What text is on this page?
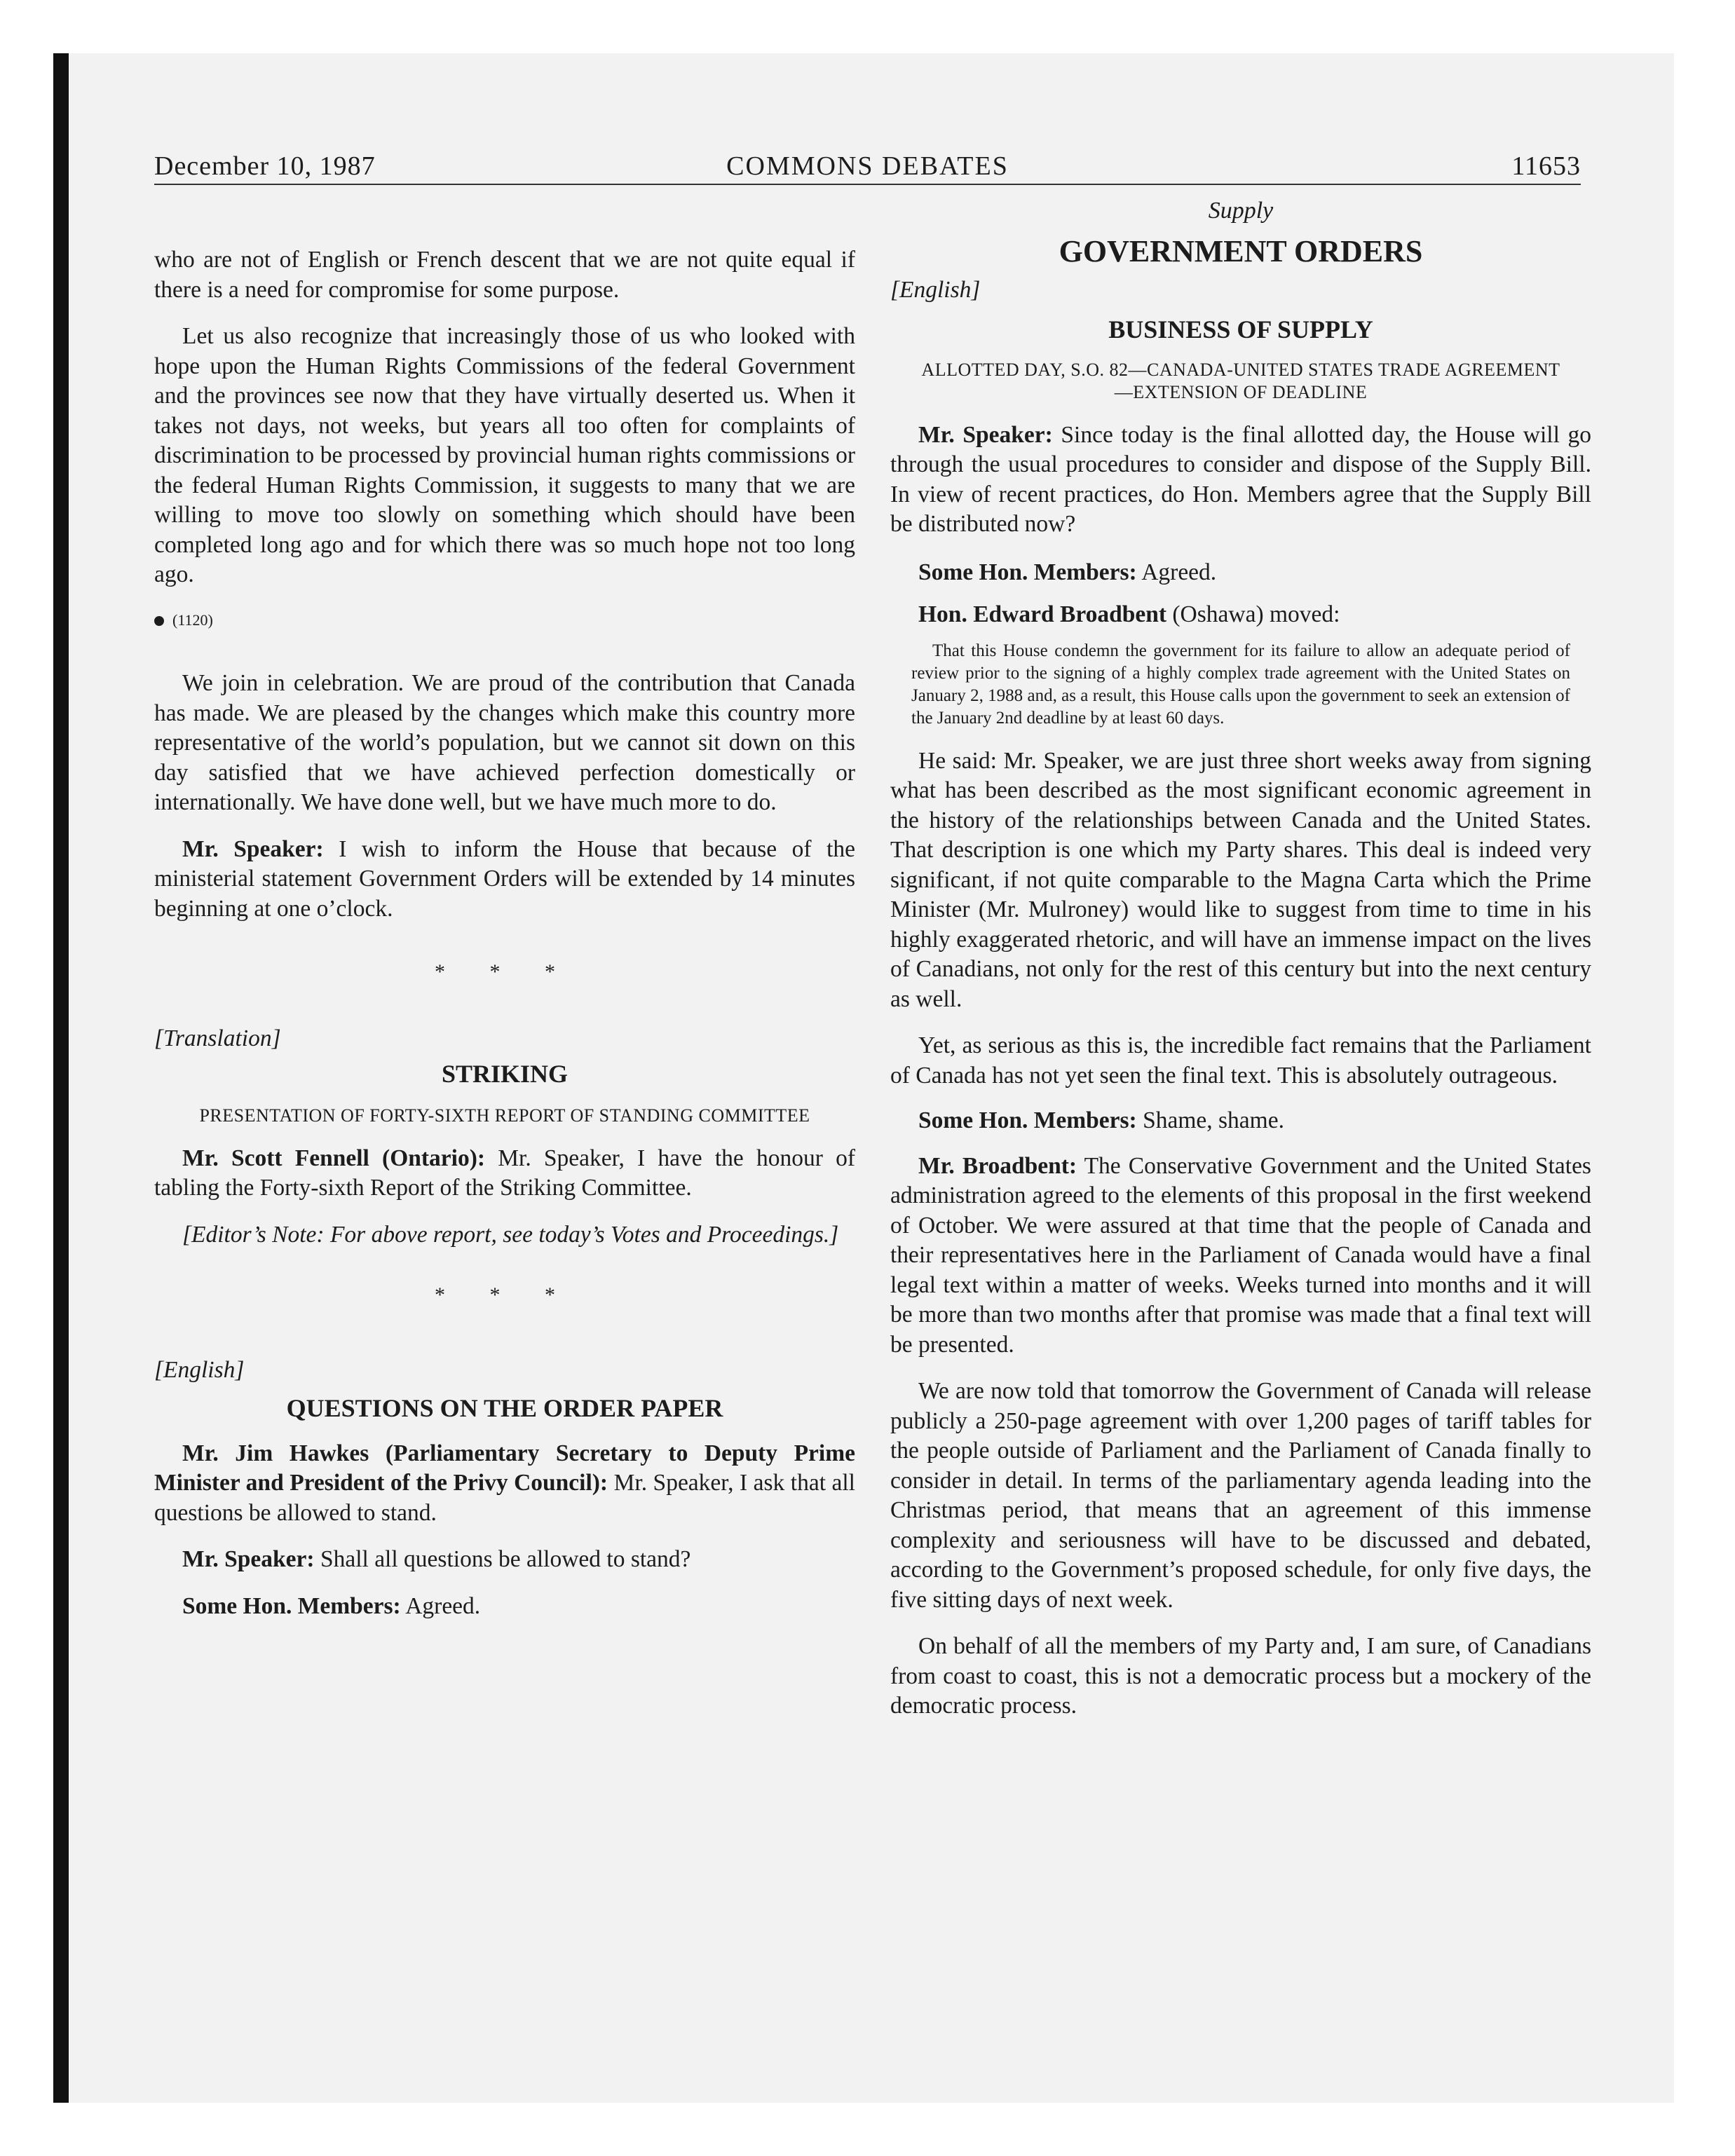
December 10, 1987	COMMONS DEBATES	11653

who are not of English or French descent that we are not quite equal if there is a need for compromise for some purpose.

Let us also recognize that increasingly those of us who looked with hope upon the Human Rights Commissions of the federal Government and the provinces see now that they have virtually deserted us. When it takes not days, not weeks, but years all too often for complaints of discrimination to be processed by provincial human rights commissions or the federal Human Rights Commission, it suggests to many that we are willing to move too slowly on something which should have been completed long ago and for which there was so much hope not too long ago.

(1120)

We join in celebration. We are proud of the contribution that Canada has made. We are pleased by the changes which make this country more representative of the world’s population, but we cannot sit down on this day satisfied that we have achieved perfection domestically or internationally. We have done well, but we have much more to do.

Mr. Speaker: I wish to inform the House that because of the ministerial statement Government Orders will be extended by 14 minutes beginning at one o’clock.

* * *

[Translation]

STRIKING

PRESENTATION OF FORTY-SIXTH REPORT OF STANDING COMMITTEE

Mr. Scott Fennell (Ontario): Mr. Speaker, I have the honour of tabling the Forty-sixth Report of the Striking Committee.

[Editor’s Note: For above report, see today’s Votes and Proceedings.]

* * *

[English]

QUESTIONS ON THE ORDER PAPER

Mr. Jim Hawkes (Parliamentary Secretary to Deputy Prime Minister and President of the Privy Council): Mr. Speaker, I ask that all questions be allowed to stand.

Mr. Speaker: Shall all questions be allowed to stand?

Some Hon. Members: Agreed.

Supply

GOVERNMENT ORDERS

[English]

BUSINESS OF SUPPLY

ALLOTTED DAY, S.O. 82—CANADA-UNITED STATES TRADE AGREEMENT—EXTENSION OF DEADLINE

Mr. Speaker: Since today is the final allotted day, the House will go through the usual procedures to consider and dispose of the Supply Bill. In view of recent practices, do Hon. Members agree that the Supply Bill be distributed now?

Some Hon. Members: Agreed.

Hon. Edward Broadbent (Oshawa) moved:

That this House condemn the government for its failure to allow an adequate period of review prior to the signing of a highly complex trade agreement with the United States on January 2, 1988 and, as a result, this House calls upon the government to seek an extension of the January 2nd deadline by at least 60 days.

He said: Mr. Speaker, we are just three short weeks away from signing what has been described as the most significant economic agreement in the history of the relationships between Canada and the United States. That description is one which my Party shares. This deal is indeed very significant, if not quite comparable to the Magna Carta which the Prime Minister (Mr. Mulroney) would like to suggest from time to time in his highly exaggerated rhetoric, and will have an immense impact on the lives of Canadians, not only for the rest of this century but into the next century as well.

Yet, as serious as this is, the incredible fact remains that the Parliament of Canada has not yet seen the final text. This is absolutely outrageous.

Some Hon. Members: Shame, shame.

Mr. Broadbent: The Conservative Government and the United States administration agreed to the elements of this proposal in the first weekend of October. We were assured at that time that the people of Canada and their representatives here in the Parliament of Canada would have a final legal text within a matter of weeks. Weeks turned into months and it will be more than two months after that promise was made that a final text will be presented.

We are now told that tomorrow the Government of Canada will release publicly a 250-page agreement with over 1,200 pages of tariff tables for the people outside of Parliament and the Parliament of Canada finally to consider in detail. In terms of the parliamentary agenda leading into the Christmas period, that means that an agreement of this immense complexity and seriousness will have to be discussed and debated, according to the Government’s proposed schedule, for only five days, the five sitting days of next week.

On behalf of all the members of my Party and, I am sure, of Canadians from coast to coast, this is not a democratic process but a mockery of the democratic process.
